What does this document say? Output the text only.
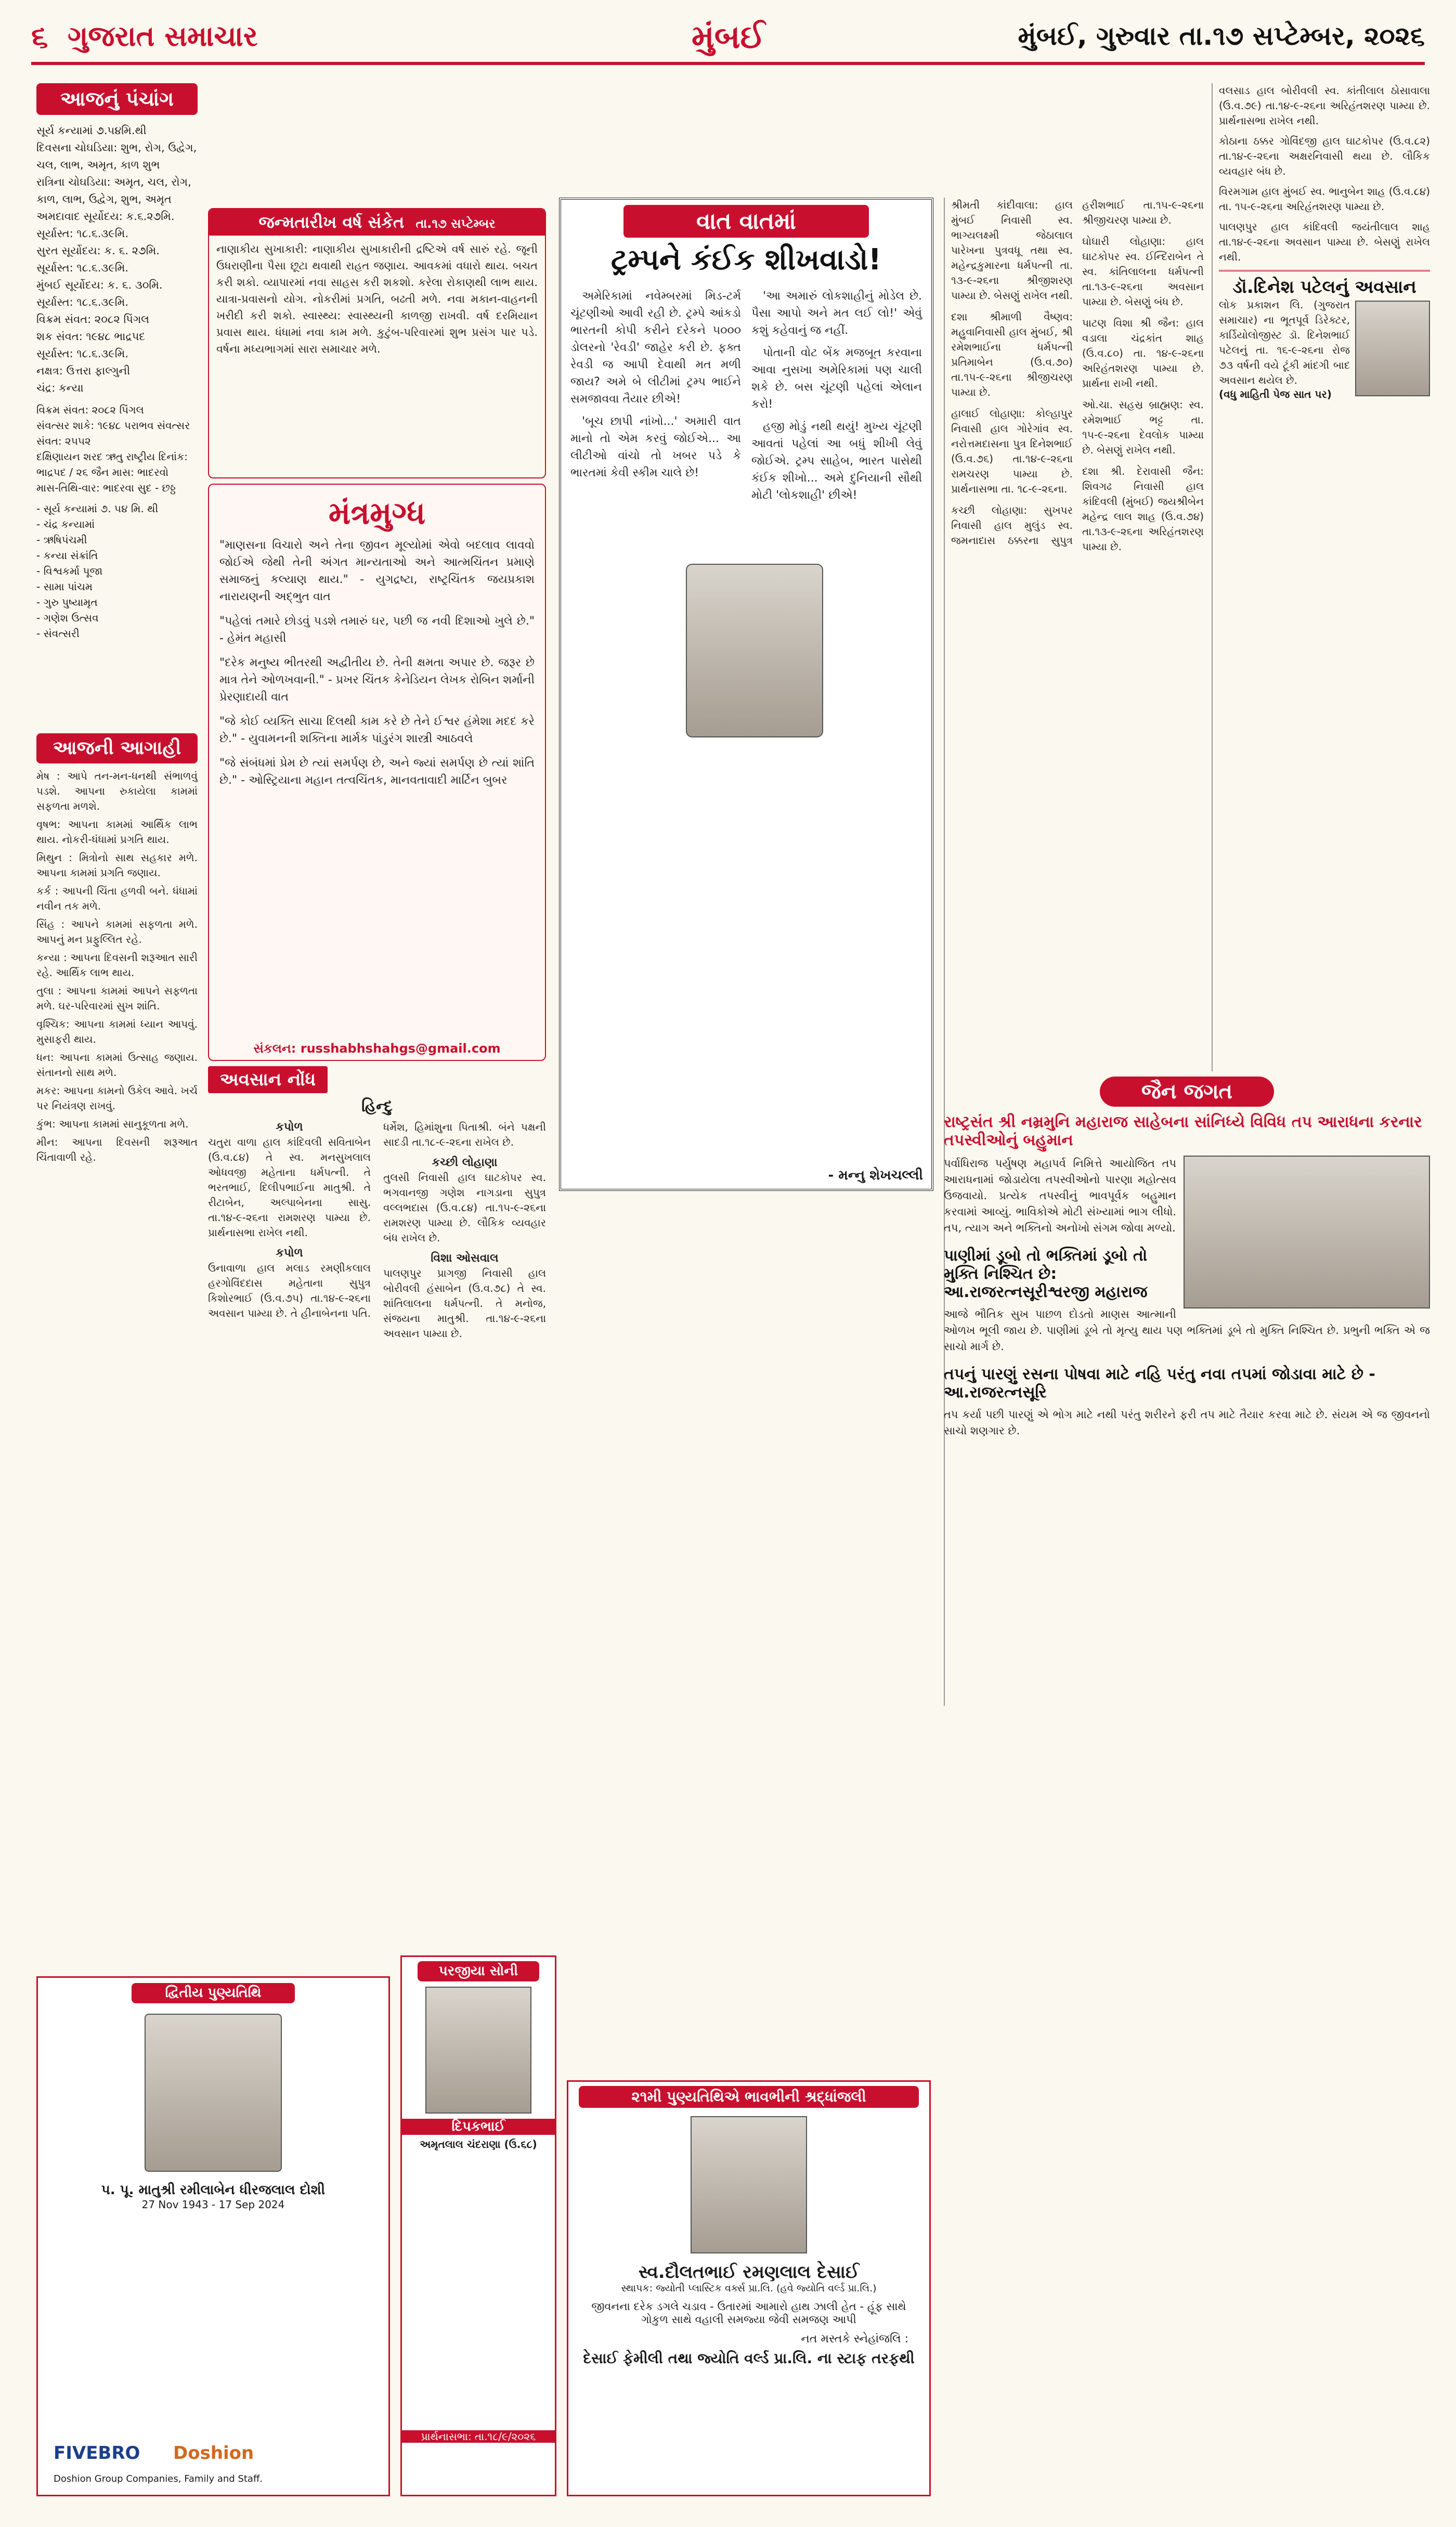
૬ ગુજરાત સમાચાર	મુંબઈ	મુંબઈ, ગુરુવાર તા.૧૭ સપ્ટેમ્બર, ૨૦૨૬
આજનું પંચાંગ
સૂર્ય કન્યામાં ૭.૫૪મિ.થી
દિવસના ચોઘડિયા: શુભ, રોગ, ઉદ્વેગ, ચલ, લાભ, અમૃત, કાળ શુભ
રાત્રિના ચોઘડિયા: અમૃત, ચલ, રોગ, કાળ, લાભ, ઉદ્વેગ, શુભ, અમૃત
અમદાવાદ સૂર્યોદય: ક.૬.૨૭મિ.
સૂર્યાસ્ત: ૧૮.૬.૩૯મિ.
સુરત સૂર્યોદય: ક. ૬. ૨૭મિ.
સૂર્યાસ્ત: ૧૮.૬.૩૯મિ.
મુંબઈ સૂર્યોદય: ક. ૬. ૩૦મિ.
સૂર્યાસ્ત: ૧૮.૬.૩૯મિ.
વિક્રમ સંવત: ૨૦૮૨ પિંગલ
શક સંવત: ૧૯૪૮ ભાદ્રપદ
સૂર્યાસ્ત: ૧૮.૬.૩૯મિ.
નક્ષત્ર: ઉત્તરા ફાલ્ગુની
ચંદ્ર: કન્યા
વિક્રમ સંવત: ૨૦૮૨ પિંગલ
સંવત્સર શાકે: ૧૯૪૮ પરાભવ સંવત્સર
સંવત: ૨૫૫૨
દક્ષિણાયન શરદ ઋતુ રાષ્ટ્રીય દિનાંક: ભાદ્રપદ / ૨૬ જૈન માસ: ભાદરવો
માસ-તિથિ-વાર: ભાદરવા સુદ - છઠ્ઠ
- સૂર્ય કન્યામાં ૭. ૫૪ મિ. થી
- ચંદ્ર કન્યામાં
- ઋષિપંચમી
- કન્યા સંક્રાંતિ
- વિશ્વકર્મા પૂજા
- સામા પાંચમ
- ગુરુ પુષ્યામૃત
- ગણેશ ઉત્સવ
- સંવત્સરી
આજની આગાહી
મેષ : આપે તન-મન-ધનથી સંભાળવું પડશે. આપના રુકાયેલા કામમાં સફળતા મળશે.
વૃષભ: આપના કામમાં આર્થિક લાભ થાય. નોકરી-ધંધામાં પ્રગતિ થાય.
મિથુન : મિત્રોનો સાથ સહકાર મળે. આપના કામમાં પ્રગતિ જણાય.
કર્ક : આપની ચિંતા હળવી બને. ધંધામાં નવીન તક મળે.
સિંહ : આપને કામમાં સફળતા મળે. આપનું મન પ્રફુલ્લિત રહે.
કન્યા : આપના દિવસની શરૂઆત સારી રહે. આર્થિક લાભ થાય.
તુલા : આપના કામમાં આપને સફળતા મળે. ઘર-પરિવારમાં સુખ શાંતિ.
વૃશ્ચિક: આપના કામમાં ધ્યાન આપવું. મુસાફરી થાય.
ધન: આપના કામમાં ઉત્સાહ જણાય. સંતાનનો સાથ મળે.
મકર: આપના કામનો ઉકેલ આવે. ખર્ચ પર નિયંત્રણ રાખવું.
કુંભ: આપના કામમાં સાનુકૂળતા મળે.
મીન: આપના દિવસની શરૂઆત ચિંતાવાળી રહે.
જન્મતારીખ વર્ષ સંકેત તા.૧૭ સપ્ટેમ્બર
નાણાકીય સુખાકારી: નાણાકીય સુખાકારીની દ્રષ્ટિએ વર્ષ સારું રહે. જૂની ઉધરાણીના પૈસા છૂટા થવાથી રાહત જણાય. આવકમાં વધારો થાય. બચત કરી શકો. વ્યાપારમાં નવા સાહસ કરી શકશો. કરેલા રોકાણથી લાભ થાય. યાત્રા-પ્રવાસનો યોગ. નોકરીમાં પ્રગતિ, બઢતી મળે. નવા મકાન-વાહનની ખરીદી કરી શકો. સ્વાસ્થ્ય: સ્વાસ્થ્યની કાળજી રાખવી. વર્ષ દરમિયાન પ્રવાસ થાય. ધંધામાં નવા કામ મળે. કુટુંબ-પરિવારમાં શુભ પ્રસંગ પાર પડે. વર્ષના મધ્યભાગમાં સારા સમાચાર મળે.
મંત્રમુગ્ધ
"માણસના વિચારો અને તેના જીવન મૂલ્યોમાં એવો બદલાવ લાવવો જોઈએ જેથી તેની અંગત માન્યતાઓ અને આત્મચિંતન પ્રમાણે સમાજનું કલ્યાણ થાય." - યુગદ્રષ્ટા, રાષ્ટ્રચિંતક જયપ્રકાશ નારાયણની અદ્ભુત વાત
"પહેલાં તમારે છોડવું પડશે તમારું ઘર, પછી જ નવી દિશાઓ ખુલે છે." - હેમંત મહાસી
"દરેક મનુષ્ય ભીતરથી અદ્વીતીય છે. તેની ક્ષમતા અપાર છે. જરૂર છે માત્ર તેને ઓળખવાની." - પ્રખર ચિંતક કેનેડિયન લેખક રોબિન શર્માની પ્રેરણાદાયી વાત
"જે કોઈ વ્યક્તિ સાચા દિલથી કામ કરે છે તેને ઈશ્વર હંમેશા મદદ કરે છે." - યુવામનની શક્તિના માર્મક પાંડુરંગ શાસ્ત્રી આઠવલે
"જે સંબંધમાં પ્રેમ છે ત્યાં સમર્પણ છે, અને જ્યાં સમર્પણ છે ત્યાં શાંતિ છે." - ઓસ્ટ્રિયાના મહાન તત્વચિંતક, માનવતાવાદી માર્ટિન બુબર
સંકલન: russhabhshahgs@gmail.com
અવસાન નોંધ
હિન્દુ
કપોળ
ચતુરા વાળા હાલ કાંદિવલી સવિતાબેન (ઉ.વ.૮૪) તે સ્વ. મનસુખલાલ ઓધવજી મહેતાના ધર્મપત્ની. તે ભરતભાઈ, દિલીપભાઈના માતુશ્રી. તે રીટાબેન, અલ્પાબેનના સાસુ. તા.૧૪-૯-૨૬ના રામશરણ પામ્યા છે. પ્રાર્થનાસભા રાખેલ નથી.
કપોળ
ઉનાવાળા હાલ મલાડ રમણીકલાલ હરગોવિંદદાસ મહેતાના સુપુત્ર કિશોરભાઈ (ઉ.વ.૭૫) તા.૧૪-૯-૨૬ના અવસાન પામ્યા છે. તે હીનાબેનના પતિ. ધર્મેશ, હિમાંશુના પિતાશ્રી. બંને પક્ષની સાદડી તા.૧૮-૯-૨૬ના રાખેલ છે.
કચ્છી લોહાણા
તુલસી નિવાસી હાલ ઘાટકોપર સ્વ. ભગવાનજી ગણેશ નાગડાના સુપુત્ર વલ્લભદાસ (ઉ.વ.૮૪) તા.૧૫-૯-૨૬ના રામશરણ પામ્યા છે. લૌકિક વ્યવહાર બંધ રાખેલ છે.
વિશા ઓસવાલ
પાલણપુર પ્રાગજી નિવાસી હાલ બોરીવલી હંસાબેન (ઉ.વ.૭૮) તે સ્વ. શાંતિલાલના ધર્મપત્ની. તે મનોજ, સંજયના માતુશ્રી. તા.૧૪-૯-૨૬ના અવસાન પામ્યા છે.
વાત વાતમાં
ટ્રમ્પને કંઈક શીખવાડો!
અમેરિકામાં નવેમ્બરમાં મિડ-ટર્મ ચૂંટણીઓ આવી રહી છે. ટ્રમ્પે આંકડો ભારતની કોપી કરીને દરેકને ૫૦૦૦ ડોલરનો 'રેવડી' જાહેર કરી છે. ફક્ત રેવડી જ આપી દેવાથી મત મળી જાય? અમે બે લીટીમાં ટ્રમ્પ ભાઈને સમજાવવા તૈયાર છીએ!
'બૂચ છાપી નાંખો...' અમારી વાત માનો તો એમ કરવું જોઈએ... આ લીટીઓ વાંચો તો ખબર પડે કે ભારતમાં કેવી સ્કીમ ચાલે છે!
'આ અમારું લોકશાહીનું મોડેલ છે. પૈસા આપો અને મત લઈ લો!' એવું કશું કહેવાનું જ નહીં.
પોતાની વોટ બેંક મજબૂત કરવાના આવા નુસખા અમેરિકામાં પણ ચાલી શકે છે. બસ ચૂંટણી પહેલાં એલાન કરો!
હજી મોડું નથી થયું! મુખ્ય ચૂંટણી આવતાં પહેલાં આ બધું શીખી લેવું જોઈએ. ટ્રમ્પ સાહેબ, ભારત પાસેથી કંઈક શીખો... અમે દુનિયાની સૌથી મોટી 'લોકશાહી' છીએ!
- મન્નુ શેખચલ્લી
શ્રીમતી કાંદીવાલા: હાલ મુંબઈ નિવાસી સ્વ. ભાગ્યલક્ષ્મી જેઠાલાલ પારેખના પુત્રવધૂ તથા સ્વ. મહેન્દ્રકુમારના ધર્મપત્ની તા. ૧૩-૯-૨૬ના શ્રીજીશરણ પામ્યા છે. બેસણું રાખેલ નથી.
દશા શ્રીમાળી વૈષ્ણવ: મહુવાનિવાસી હાલ મુંબઈ, શ્રી રમેશભાઈના ધર્મપત્ની પ્રતિમાબેન (ઉ.વ.૭૦) તા.૧૫-૯-૨૬ના શ્રીજીચરણ પામ્યા છે.
હાલાઈ લોહાણા: કોલ્હાપુર નિવાસી હાલ ગોરેગાંવ સ્વ. નરોત્તમદાસના પુત્ર દિનેશભાઈ (ઉ.વ.૭૬) તા.૧૪-૯-૨૬ના રામચરણ પામ્યા છે. પ્રાર્થનાસભા તા. ૧૮-૯-૨૬ના.
કચ્છી લોહાણા: સુખપર નિવાસી હાલ મુલુંડ સ્વ. જમનાદાસ ઠક્કરના સુપુત્ર હરીશભાઈ તા.૧૫-૯-૨૬ના શ્રીજીચરણ પામ્યા છે.
ઘોઘારી લોહાણા: હાલ ઘાટકોપર સ્વ. ઈન્દિરાબેન તે સ્વ. કાંતિલાલના ધર્મપત્ની તા.૧૩-૯-૨૬ના અવસાન પામ્યા છે. બેસણું બંધ છે.
પાટણ વિશા શ્રી જૈન: હાલ વડાલા ચંદ્રકાંત શાહ (ઉ.વ.૮૦) તા. ૧૪-૯-૨૬ના અરિહંતશરણ પામ્યા છે. પ્રાર્થના રાખી નથી.
ઓ.ચા. સહસ્ર બ્રાહ્મણ: સ્વ. રમેશભાઈ ભટ્ટ તા. ૧૫-૯-૨૬ના દેવલોક પામ્યા છે. બેસણું રાખેલ નથી.
દશા શ્રી. દેરાવાસી જૈન: શિવગઢ નિવાસી હાલ કાંદિવલી (મુંબઈ) જયશ્રીબેન મહેન્દ્ર લાલ શાહ (ઉ.વ.૭૪) તા.૧૩-૯-૨૬ના અરિહંતશરણ પામ્યા છે.
વલસાડ હાલ બોરીવલી સ્વ. કાંતીલાલ ઠોસાવાલા (ઉ.વ.૭૯) તા.૧૪-૯-૨૬ના અરિહંતશરણ પામ્યા છે. પ્રાર્થનાસભા રાખેલ નથી.
કોઠાના ઠક્કર ગોવિંદજી હાલ ઘાટકોપર (ઉ.વ.૮૨) તા.૧૪-૯-૨૬ના અક્ષરનિવાસી થયા છે. લૌકિક વ્યવહાર બંધ છે.
વિરમગામ હાલ મુંબઈ સ્વ. ભાનુબેન શાહ (ઉ.વ.૮૪) તા. ૧૫-૯-૨૬ના અરિહંતશરણ પામ્યા છે.
પાલણપુર હાલ કાંદિવલી જયંતીલાલ શાહ તા.૧૪-૯-૨૬ના અવસાન પામ્યા છે. બેસણું રાખેલ નથી.
ડૉ.દિનેશ પટેલનું અવસાન
લોક પ્રકાશન લિ. (ગુજરાત સમાચાર) ના ભૂતપૂર્વ ડિરેક્ટર, કાર્ડિયોલોજીસ્ટ ડૉ. દિનેશભાઈ પટેલનું તા. ૧૬-૯-૨૬ના રોજ ૭૩ વર્ષની વયે ટૂંકી માંદગી બાદ અવસાન થયેલ છે.
(વધુ માહિતી પેજ સાત પર)
જૈન જગત
રાષ્ટ્રસંત શ્રી નમ્રમુનિ મહારાજ સાહેબના સાંનિધ્યે વિવિધ તપ આરાધના કરનાર તપસ્વીઓનું બહુમાન
પર્વાધિરાજ પર્યુષણ મહાપર્વ નિમિત્તે આયોજિત તપ આરાધનામાં જોડાયેલા તપસ્વીઓનો પારણા મહોત્સવ ઉજવાયો. પ્રત્યેક તપસ્વીનું ભાવપૂર્વક બહુમાન કરવામાં આવ્યું. ભાવિકોએ મોટી સંખ્યામાં ભાગ લીધો. તપ, ત્યાગ અને ભક્તિનો અનોખો સંગમ જોવા મળ્યો.
પાણીમાં ડૂબો તો ભક્તિમાં ડૂબો તો મુક્તિ નિશ્ચિત છે: આ.રાજરત્નસૂરીશ્વરજી મહારાજ
આજે ભૌતિક સુખ પાછળ દોડતો માણસ આત્માની ઓળખ ભૂલી જાય છે. પાણીમાં ડૂબે તો મૃત્યુ થાય પણ ભક્તિમાં ડૂબે તો મુક્તિ નિશ્ચિત છે. પ્રભુની ભક્તિ એ જ સાચો માર્ગ છે.
તપનું પારણું રસના પોષવા માટે નહિ પરંતુ નવા તપમાં જોડાવા માટે છે - આ.રાજરત્નસૂરિ
તપ કર્યા પછી પારણું એ ભોગ માટે નથી પરંતુ શરીરને ફરી તપ માટે તૈયાર કરવા માટે છે. સંયમ એ જ જીવનનો સાચો શણગાર છે.
દ્વિતીય પુણ્યતિથિ
પ. પૂ. માતુશ્રી રમીલાબેન ધીરજલાલ દોશી
27 Nov 1943 - 17 Sep 2024
FIVEBRO Doshion
Doshion Group Companies, Family and Staff.
પરજીયા સોની
દિપકભાઈ
અમૃતલાલ ચંદરાણા (ઉ.૬૮)
પ્રાર્થનાસભા: તા.૧૮/૯/૨૦૨૬
૨૧મી પુણ્યતિથિએ ભાવભીની શ્રદ્ધાંજલી
સ્વ.દૌલતભાઈ રમણલાલ દેસાઈ
સ્થાપક: જ્યોતી પ્લાસ્ટિક વર્ક્સ પ્રા.લિ. (હવે જ્યોતિ વર્લ્ડ પ્રા.લિ.)
જીવનના દરેક ડગલે ચડાવ - ઉતારમાં આમારો હાથ ઝાલી હેત - હૂંફ સાથે ગોકુળ સાથે વહાલી સમજ્યા જેવી સમજણ આપી
નત મસ્તકે સ્નેહાંજલિ :
દેસાઈ ફેમીલી તથા જ્યોતિ વર્લ્ડ પ્રા.લિ. ના સ્ટાફ તરફથી
